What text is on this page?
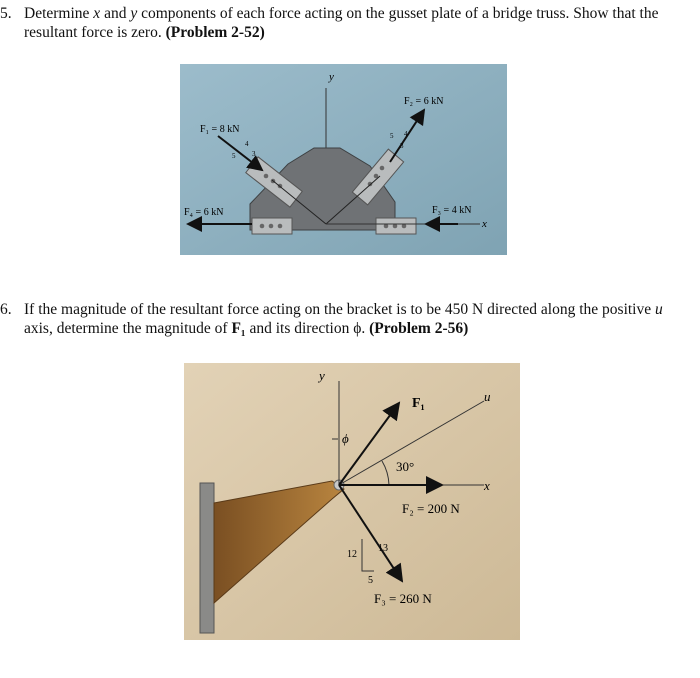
5. Determine x and y components of each force acting on the gusset plate of a bridge truss. Show that the resultant force is zero. (Problem 2-52)
y
x
F₁ = 8 kN
4
3
5
F₂ = 6 kN
5
3
4
F₃ = 4 kN
F₄ = 6 kN
6. If the magnitude of the resultant force acting on the bracket is to be 450 N directed along the positive u axis, determine the magnitude of F₁ and its direction ϕ. (Problem 2-56)
y
ϕ
u
x
F₁
30°
F₂ = 200 N
F₃ = 260 N
12
13
5
